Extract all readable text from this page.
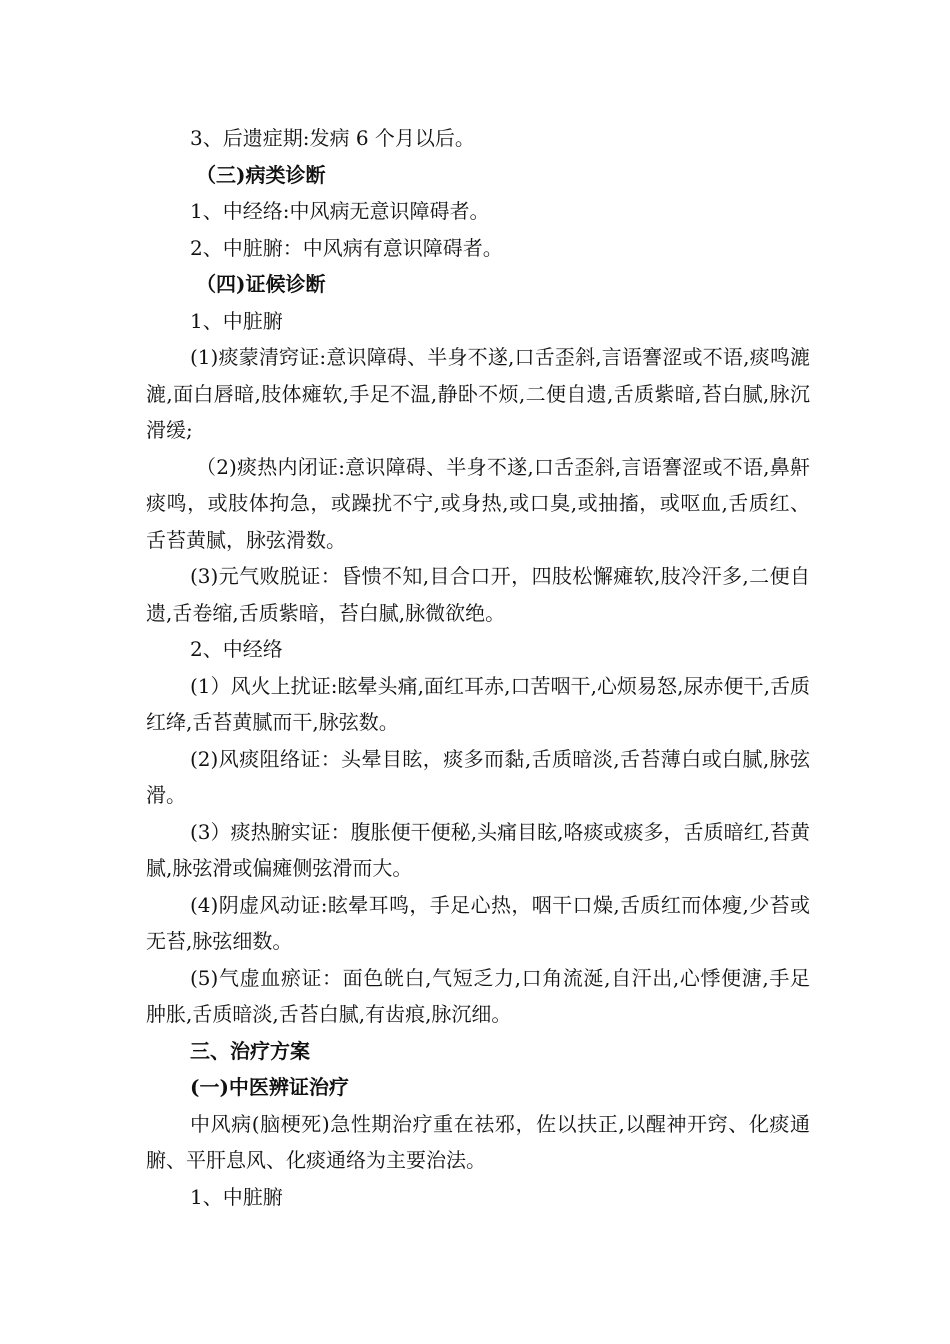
3、后遗症期:发病 6 个月以后。

（三)病类诊断

1、中经络:中风病无意识障碍者。

2、中脏腑：中风病有意识障碍者。

（四)证候诊断

1、中脏腑

(1)痰蒙清窍证:意识障碍、半身不遂,口舌歪斜,言语謇涩或不语,痰鸣漉漉,面白唇暗,肢体瘫软,手足不温,静卧不烦,二便自遗,舌质紫暗,苔白腻,脉沉滑缓;

（2)痰热内闭证:意识障碍、半身不遂,口舌歪斜,言语謇涩或不语,鼻鼾痰鸣，或肢体拘急，或躁扰不宁,或身热,或口臭,或抽搐，或呕血,舌质红、舌苔黄腻，脉弦滑数。

(3)元气败脱证：昏愦不知,目合口开，四肢松懈瘫软,肢冷汗多,二便自遗,舌卷缩,舌质紫暗，苔白腻,脉微欲绝。

2、中经络

(1）风火上扰证:眩晕头痛,面红耳赤,口苦咽干,心烦易怒,尿赤便干,舌质红绛,舌苔黄腻而干,脉弦数。

(2)风痰阻络证：头晕目眩，痰多而黏,舌质暗淡,舌苔薄白或白腻,脉弦滑。

(3）痰热腑实证：腹胀便干便秘,头痛目眩,咯痰或痰多，舌质暗红,苔黄腻,脉弦滑或偏瘫侧弦滑而大。

(4)阴虚风动证:眩晕耳鸣，手足心热，咽干口燥,舌质红而体瘦,少苔或无苔,脉弦细数。

(5)气虚血瘀证：面色㿠白,气短乏力,口角流涎,自汗出,心悸便溏,手足肿胀,舌质暗淡,舌苔白腻,有齿痕,脉沉细。

三、治疗方案

(一)中医辨证治疗

中风病(脑梗死)急性期治疗重在祛邪，佐以扶正,以醒神开窍、化痰通腑、平肝息风、化痰通络为主要治法。

1、中脏腑
